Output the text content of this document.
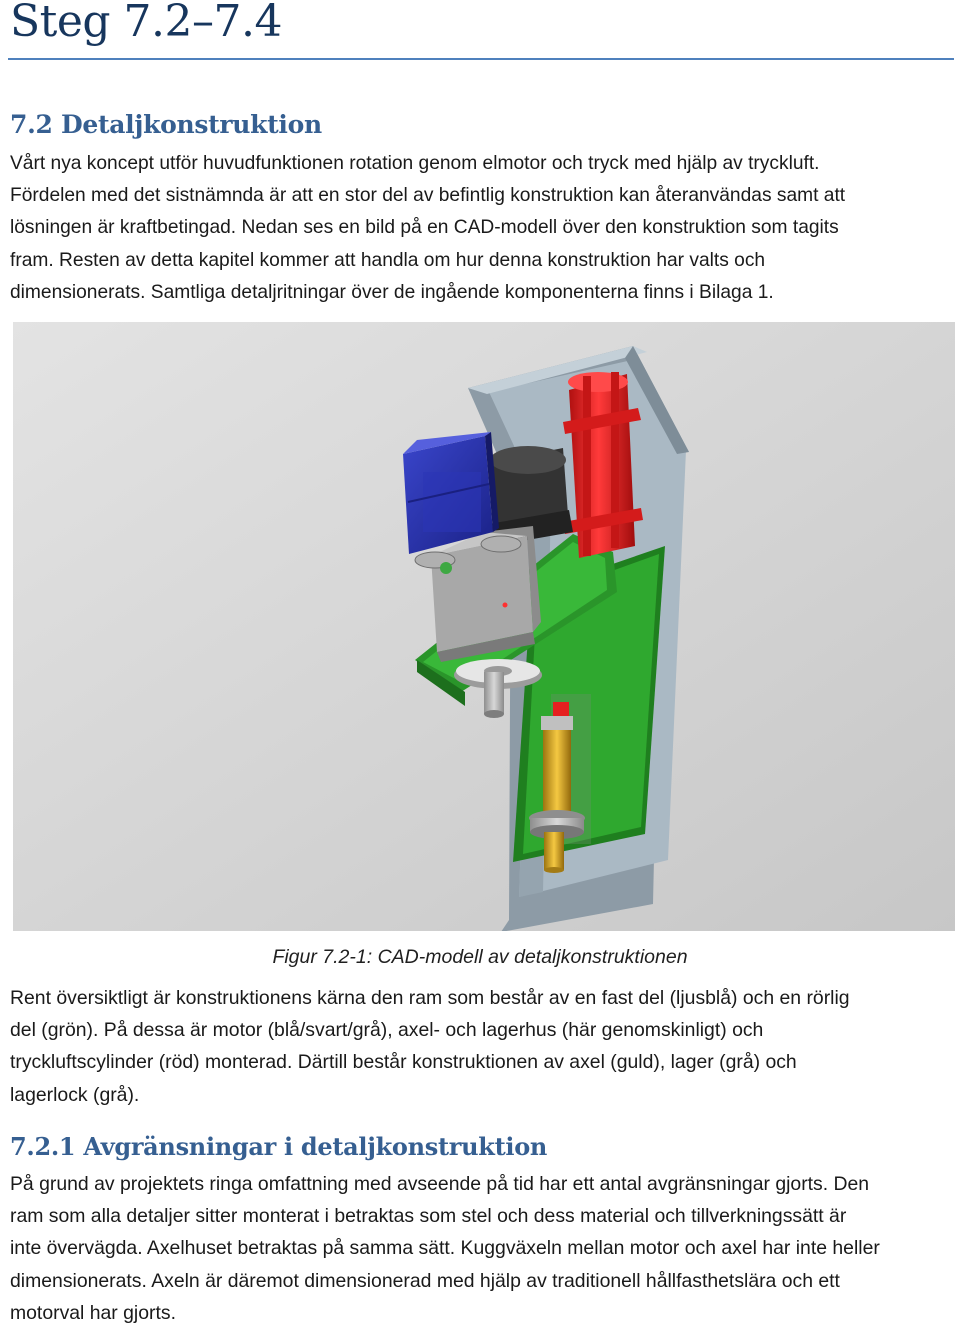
Steg 7.2–7.4
7.2 Detaljkonstruktion
Vårt nya koncept utför huvudfunktionen rotation genom elmotor och tryck med hjälp av tryckluft.
Fördelen med det sistnämnda är att en stor del av befintlig konstruktion kan återanvändas samt att
lösningen är kraftbetingad. Nedan ses en bild på en CAD-modell över den konstruktion som tagits
fram. Resten av detta kapitel kommer att handla om hur denna konstruktion har valts och
dimensionerats. Samtliga detaljritningar över de ingående komponenterna finns i Bilaga 1.
Figur 7.2-1: CAD-modell av detaljkonstruktionen
Rent översiktligt är konstruktionens kärna den ram som består av en fast del (ljusblå) och en rörlig
del (grön). På dessa är motor (blå/svart/grå), axel- och lagerhus (här genomskinligt) och
tryckluftscylinder (röd) monterad. Därtill består konstruktionen av axel (guld), lager (grå) och
lagerlock (grå).
7.2.1 Avgränsningar i detaljkonstruktion
På grund av projektets ringa omfattning med avseende på tid har ett antal avgränsningar gjorts. Den
ram som alla detaljer sitter monterat i betraktas som stel och dess material och tillverkningssätt är
inte övervägda. Axelhuset betraktas på samma sätt. Kuggväxeln mellan motor och axel har inte heller
dimensionerats. Axeln är däremot dimensionerad med hjälp av traditionell hållfasthetslära och ett
motorval har gjorts.
